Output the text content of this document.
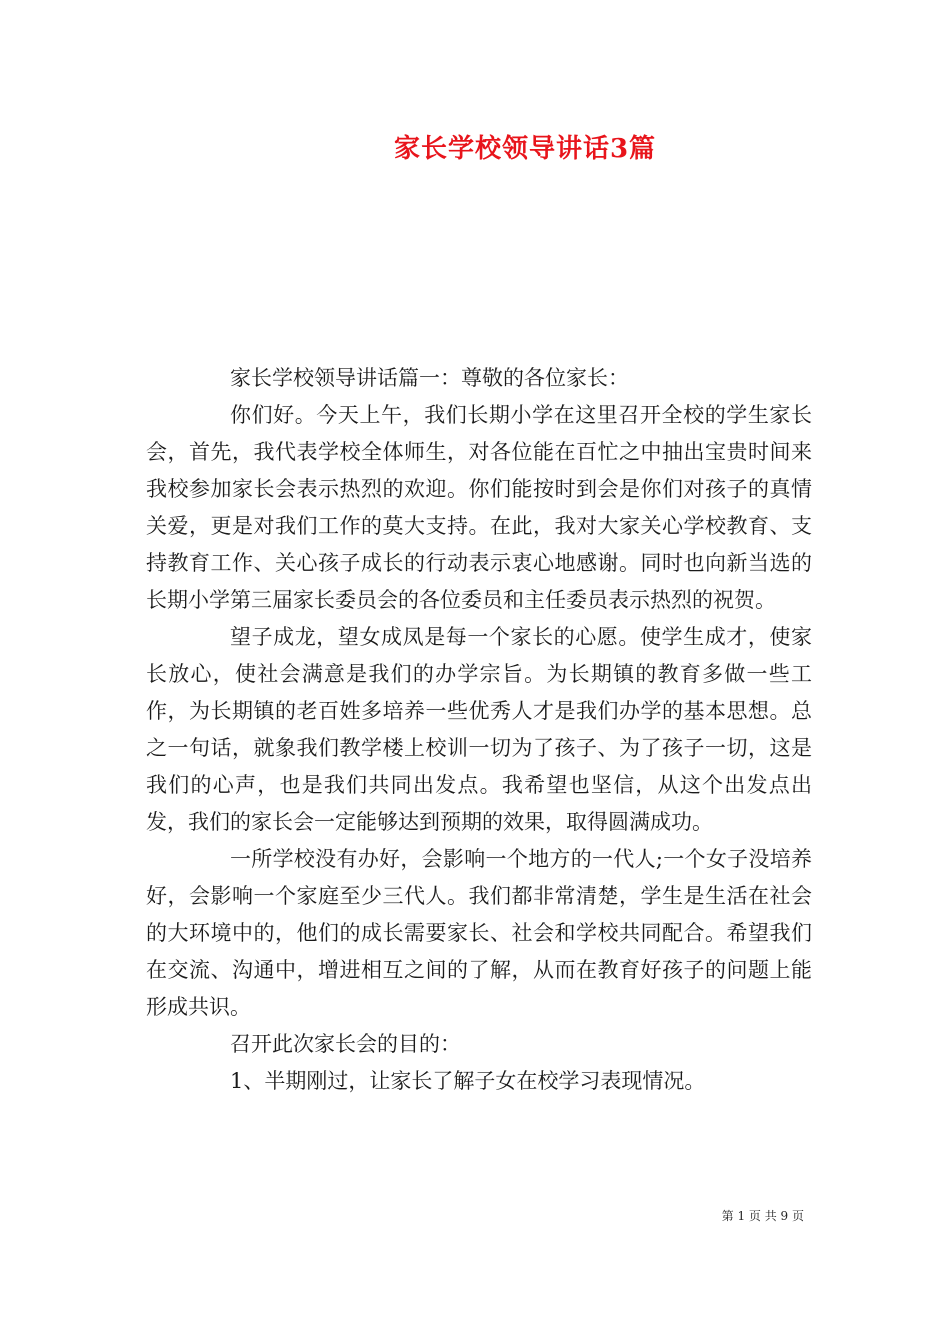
家长学校领导讲话3篇

家长学校领导讲话篇一：尊敬的各位家长：

你们好。今天上午，我们长期小学在这里召开全校的学生家长会，首先，我代表学校全体师生，对各位能在百忙之中抽出宝贵时间来我校参加家长会表示热烈的欢迎。你们能按时到会是你们对孩子的真情关爱，更是对我们工作的莫大支持。在此，我对大家关心学校教育、支持教育工作、关心孩子成长的行动表示衷心地感谢。同时也向新当选的长期小学第三届家长委员会的各位委员和主任委员表示热烈的祝贺。

望子成龙，望女成凤是每一个家长的心愿。使学生成才，使家长放心，使社会满意是我们的办学宗旨。为长期镇的教育多做一些工作，为长期镇的老百姓多培养一些优秀人才是我们办学的基本思想。总之一句话，就象我们教学楼上校训一切为了孩子、为了孩子一切，这是我们的心声，也是我们共同出发点。我希望也坚信，从这个出发点出发，我们的家长会一定能够达到预期的效果，取得圆满成功。

一所学校没有办好，会影响一个地方的一代人;一个女子没培养好，会影响一个家庭至少三代人。我们都非常清楚，学生是生活在社会的大环境中的，他们的成长需要家长、社会和学校共同配合。希望我们在交流、沟通中，增进相互之间的了解，从而在教育好孩子的问题上能形成共识。

召开此次家长会的目的：

1、半期刚过，让家长了解子女在校学习表现情况。

第 1 页 共 9 页
